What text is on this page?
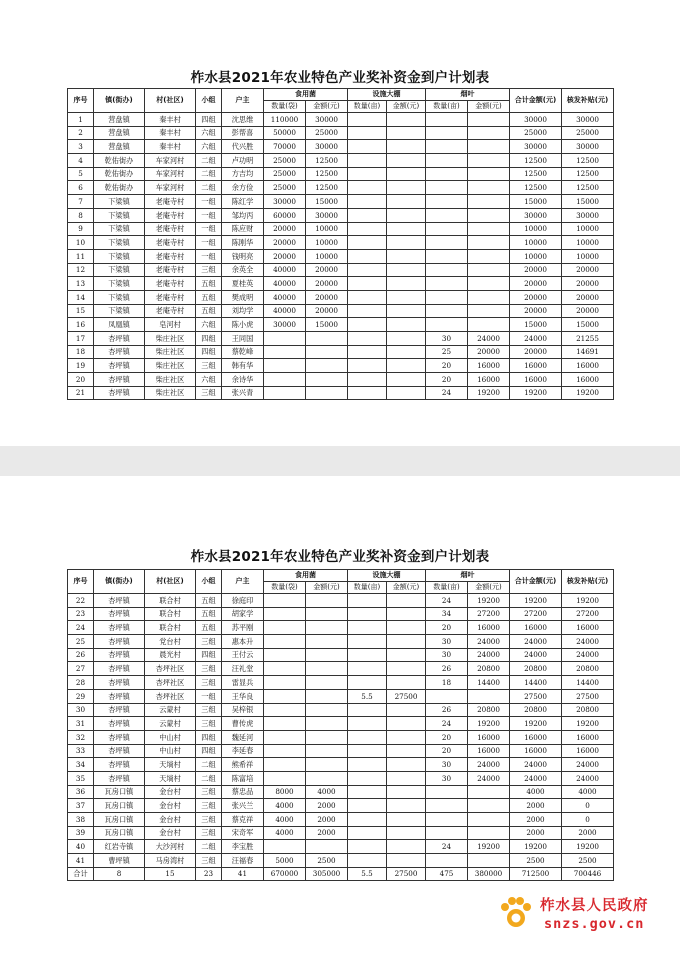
柞水县2021年农业特色产业奖补资金到户计划表
序号	镇(街办)	村(社区)	小组	户主	食用菌		设施大棚		烟叶		合计金额(元)	核发补贴(元)
					数量(袋)	金额(元)	数量(亩)	金额(元)	数量(亩)	金额(元)		
1	营盘镇	秦丰村	四组	沈思维	110000	30000					30000	30000
2	营盘镇	秦丰村	六组	彭帮喜	50000	25000					25000	25000
3	营盘镇	秦丰村	六组	代兴胜	70000	30000					30000	30000
4	乾佑街办	车家河村	二组	卢功明	25000	12500					12500	12500
5	乾佑街办	车家河村	二组	方吉均	25000	12500					12500	12500
6	乾佑街办	车家河村	二组	余方俭	25000	12500					12500	12500
7	下梁镇	老庵寺村	一组	陈红学	30000	15000					15000	15000
8	下梁镇	老庵寺村	一组	邹均丙	60000	30000					30000	30000
9	下梁镇	老庵寺村	一组	陈应财	20000	10000					10000	10000
10	下梁镇	老庵寺村	一组	陈刚华	20000	10000					10000	10000
11	下梁镇	老庵寺村	一组	钱明亮	20000	10000					10000	10000
12	下梁镇	老庵寺村	三组	余英全	40000	20000					20000	20000
13	下梁镇	老庵寺村	五组	夏桂英	40000	20000					20000	20000
14	下梁镇	老庵寺村	五组	樊成明	40000	20000					20000	20000
15	下梁镇	老庵寺村	五组	刘均学	40000	20000					20000	20000
16	凤凰镇	皂河村	六组	陈小虎	30000	15000					15000	15000
17	杏坪镇	柴庄社区	四组	王同国					30	24000	24000	21255
18	杏坪镇	柴庄社区	四组	蔡乾峰					25	20000	20000	14691
19	杏坪镇	柴庄社区	三组	韩有华					20	16000	16000	16000
20	杏坪镇	柴庄社区	六组	余诗华					20	16000	16000	16000
21	杏坪镇	柴庄社区	三组	张兴青					24	19200	19200	19200
柞水县2021年农业特色产业奖补资金到户计划表
序号	镇(街办)	村(社区)	小组	户主	食用菌		设施大棚		烟叶		合计金额(元)	核发补贴(元)
					数量(袋)	金额(元)	数量(亩)	金额(元)	数量(亩)	金额(元)		
22	杏坪镇	联合村	五组	徐庭印					24	19200	19200	19200
23	杏坪镇	联合村	五组	胡家学					34	27200	27200	27200
24	杏坪镇	联合村	五组	苏平刚					20	16000	16000	16000
25	杏坪镇	党台村	三组	惠本升					30	24000	24000	24000
26	杏坪镇	晨光村	四组	王付云					30	24000	24000	24000
27	杏坪镇	杏坪社区	三组	汪礼堂					26	20800	20800	20800
28	杏坪镇	杏坪社区	三组	雷显兵					18	14400	14400	14400
29	杏坪镇	杏坪社区	一组	王华良			5.5	27500			27500	27500
30	杏坪镇	云蒙村	三组	吴梓银					26	20800	20800	20800
31	杏坪镇	云蒙村	三组	曹传虎					24	19200	19200	19200
32	杏坪镇	中山村	四组	魏延河					20	16000	16000	16000
33	杏坪镇	中山村	四组	李延春					20	16000	16000	16000
34	杏坪镇	天埫村	二组	熊希祥					30	24000	24000	24000
35	杏坪镇	天埫村	二组	陈富培					30	24000	24000	24000
36	瓦房口镇	金台村	三组	蔡忠品	8000	4000					4000	4000
37	瓦房口镇	金台村	三组	张兴兰	4000	2000					2000	0
38	瓦房口镇	金台村	三组	蔡克祥	4000	2000					2000	0
39	瓦房口镇	金台村	三组	宋奇军	4000	2000					2000	2000
40	红岩寺镇	大沙河村	二组	李宝胜					24	19200	19200	19200
41	曹坪镇	马房湾村	三组	汪福春	5000	2500					2500	2500
合计	8	15	23	41	670000	305000	5.5	27500	475	380000	712500	700446
柞水县人民政府
snzs.gov.cn
